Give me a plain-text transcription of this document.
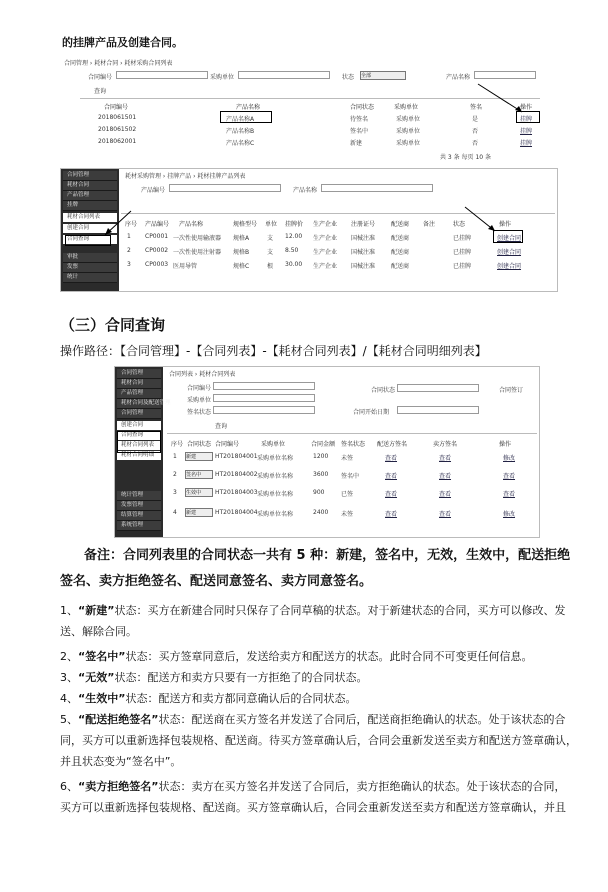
的挂牌产品及创建合同。
合同管理 › 耗材合同 › 耗材采购合同列表
合同编号	采购单位	状态 全部	产品名称
查询
合同编号	产品名称	合同状态	采购单位	签名	操作
2018061501	产品名称A	待签名	采购单位	是	挂牌
2018061502	产品名称B	签名中	采购单位	否	挂牌
2018062001	产品名称C	新建	采购单位	否	挂牌
共 3 条 每页 10 条
合同管理
耗材合同
产品管理
挂牌
耗材合同列表
创建合同
合同查询
审批
发票
统计
耗材采购管理 › 挂牌产品 › 耗材挂牌产品列表
产品编号	产品名称
序号 产品编号 产品名称	规格型号 单位 挂牌价 生产企业 注册证号	配送商 备注	状态	操作
1 CP0001 一次性使用输液器 规格A	支 12.00 生产企业 国械注准	配送商	已挂牌	创建合同
2 CP0002 一次性使用注射器 规格B	支 8.50 生产企业 国械注准	配送商	已挂牌	创建合同
3 CP0003 医用导管	规格C	根 30.00 生产企业 国械注准	配送商	已挂牌	创建合同
（三）合同查询
操作路径：【合同管理】-【合同列表】-【耗材合同列表】/【耗材合同明细列表】
合同管理
耗材合同
产品管理
耗材合同及配送管理
合同管理
创建合同
合同查询
耗材合同列表
耗材合同明细
统计管理
发票管理
结算管理
系统管理
合同列表 › 耗材合同列表
合同编号
采购单位
签名状态
合同状态
合同开始日期
合同签订
查询
序号 合同状态 合同编号	采购单位	合同金额 签名状态 配送方签名	卖方签名	操作
1 新建	HT201804001 采购单位名称	1200 未签	查看	查看	修改
2 签名中	HT201804002 采购单位名称	3600 签名中	查看	查看	查看
3 生效中	HT201804003 采购单位名称	900	已签	查看	查看	查看
4 新建	HT201804004 采购单位名称	2400 未签	查看	查看	修改
备注：合同列表里的合同状态一共有 5 种：新建，签名中，无效，生效中，配送拒绝
签名、卖方拒绝签名、配送同意签名、卖方同意签名。
1、“新建”状态：买方在新建合同时只保存了合同草稿的状态。对于新建状态的合同，买方可以修改、发
送、解除合同。
2、“签名中”状态：买方签章同意后，发送给卖方和配送方的状态。此时合同不可变更任何信息。
3、“无效”状态：配送方和卖方只要有一方拒绝了的合同状态。
4、“生效中”状态：配送方和卖方都同意确认后的合同状态。
5、“配送拒绝签名”状态：配送商在买方签名并发送了合同后，配送商拒绝确认的状态。处于该状态的合
同，买方可以重新选择包装规格、配送商。待买方签章确认后，合同会重新发送至卖方和配送方签章确认，
并且状态变为“签名中”。
6、“卖方拒绝签名”状态：卖方在买方签名并发送了合同后，卖方拒绝确认的状态。处于该状态的合同，
买方可以重新选择包装规格、配送商。买方签章确认后，合同会重新发送至卖方和配送方签章确认，并且
